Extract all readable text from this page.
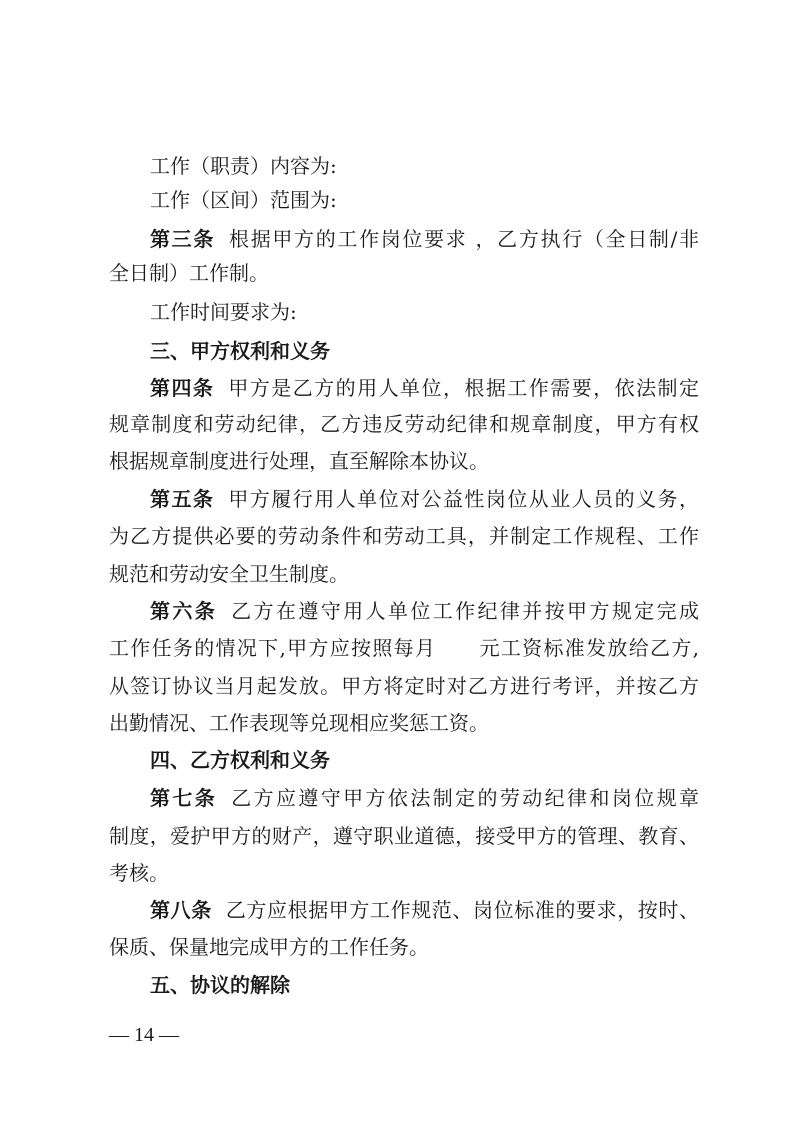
工作（职责）内容为:
工作（区间）范围为:
第三条 根据甲方的工作岗位要求 ，乙方执行（全日制/非
全日制）工作制。
工作时间要求为:
三、甲方权利和义务
第四条 甲方是乙方的用人单位，根据工作需要，依法制定
规章制度和劳动纪律，乙方违反劳动纪律和规章制度，甲方有权
根据规章制度进行处理，直至解除本协议。
第五条 甲方履行用人单位对公益性岗位从业人员的义务，
为乙方提供必要的劳动条件和劳动工具，并制定工作规程、工作
规范和劳动安全卫生制度。
第六条 乙方在遵守用人单位工作纪律并按甲方规定完成
工作任务的情况下,甲方应按照每月 元工资标准发放给乙方,
从签订协议当月起发放。甲方将定时对乙方进行考评，并按乙方
出勤情况、工作表现等兑现相应奖惩工资。
四、乙方权利和义务
第七条 乙方应遵守甲方依法制定的劳动纪律和岗位规章
制度，爱护甲方的财产，遵守职业道德，接受甲方的管理、教育、
考核。
第八条 乙方应根据甲方工作规范、岗位标准的要求，按时、
保质、保量地完成甲方的工作任务。
五、协议的解除
— 14 —
